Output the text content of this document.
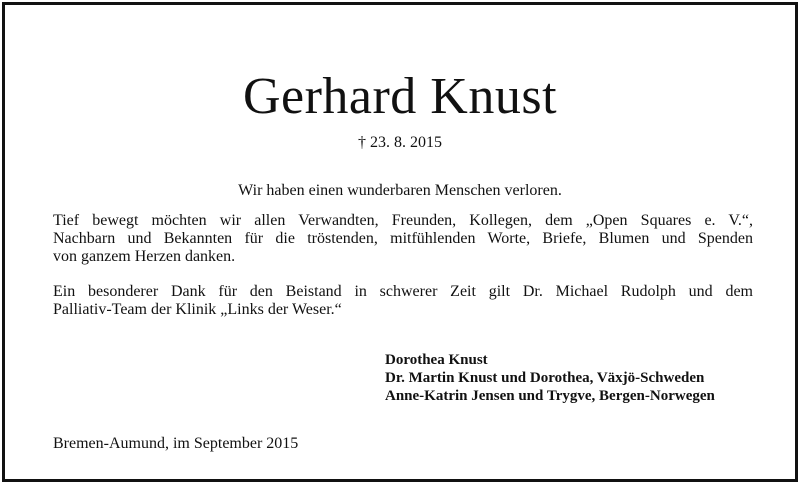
Gerhard Knust
† 23. 8. 2015
Wir haben einen wunderbaren Menschen verloren.
Tief bewegt möchten wir allen Verwandten, Freunden, Kollegen, dem „Open Squares e. V.“,
Nachbarn und Bekannten für die tröstenden, mitfühlenden Worte, Briefe, Blumen und Spenden
von ganzem Herzen danken.
Ein besonderer Dank für den Beistand in schwerer Zeit gilt Dr. Michael Rudolph und dem
Palliativ-Team der Klinik „Links der Weser.“
Dorothea Knust
Dr. Martin Knust und Dorothea, Växjö-Schweden
Anne-Katrin Jensen und Trygve, Bergen-Norwegen
Bremen-Aumund, im September 2015
